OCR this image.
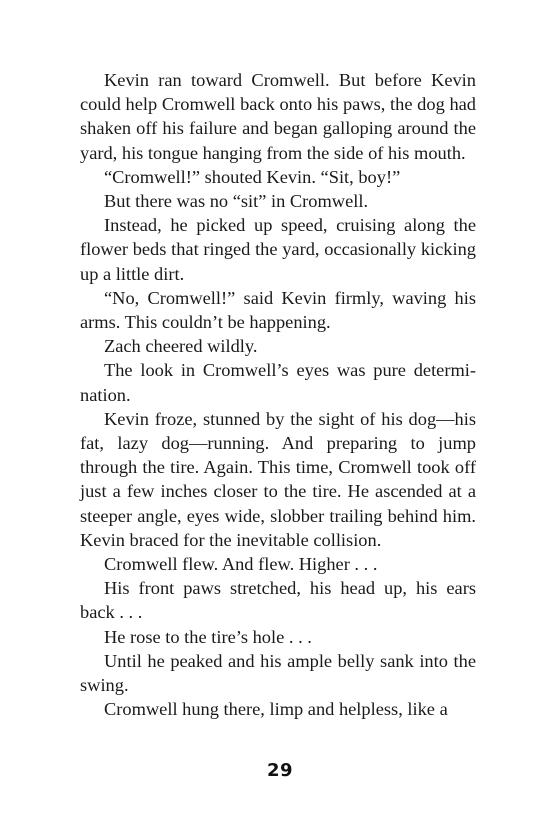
Kevin ran toward Cromwell. But before Kevin could help Cromwell back onto his paws, the dog had shaken off his failure and began galloping around the yard, his tongue hanging from the side of his mouth.

“Cromwell!” shouted Kevin. “Sit, boy!”

But there was no “sit” in Cromwell.

Instead, he picked up speed, cruising along the flower beds that ringed the yard, occasionally kicking up a little dirt.

“No, Cromwell!” said Kevin firmly, waving his arms. This couldn’t be happening.

Zach cheered wildly.

The look in Cromwell’s eyes was pure determi-nation.

Kevin froze, stunned by the sight of his dog—his fat, lazy dog—running. And preparing to jump through the tire. Again. This time, Cromwell took off just a few inches closer to the tire. He ascended at a steeper angle, eyes wide, slobber trailing behind him. Kevin braced for the inevitable collision.

Cromwell flew. And flew. Higher . . .

His front paws stretched, his head up, his ears back . . .

He rose to the tire’s hole . . .

Until he peaked and his ample belly sank into the swing.

Cromwell hung there, limp and helpless, like a

29
